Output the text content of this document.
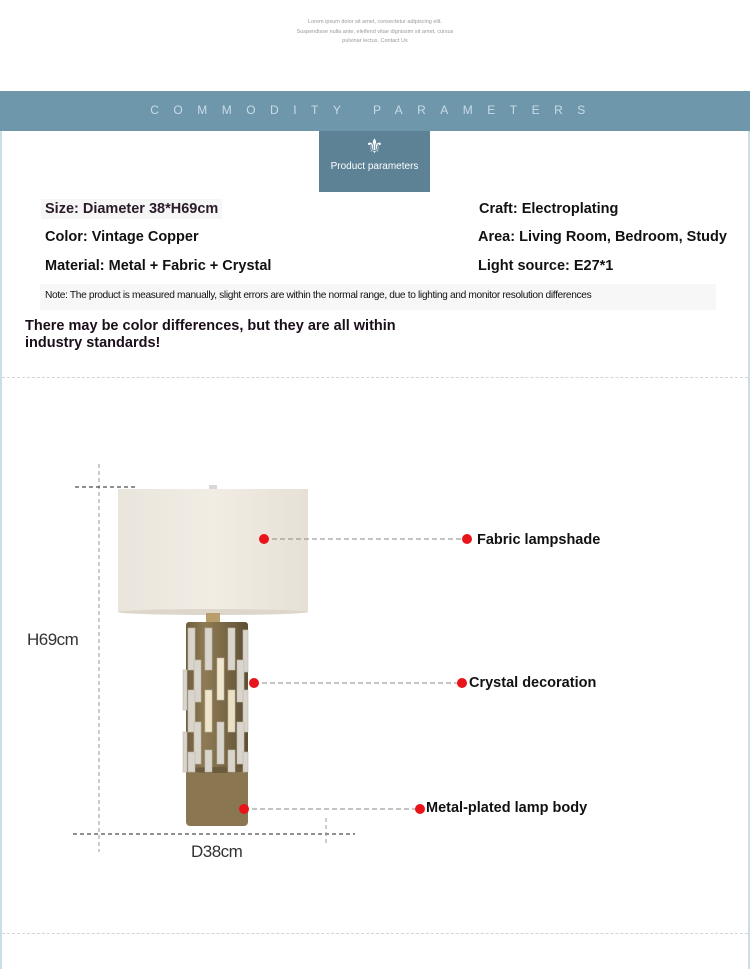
Lorem ipsum dolor sit amet, consectetur adipiscing elit.
Suspendisse nulla ante, eleifend vitae dignissim sit amet, cursus
pulvinar lectus. Contact Us
COMMODITY PARAMETERS
⚜
Product parameters
Size: Diameter 38*H69cm
Color: Vintage Copper
Material: Metal + Fabric + Crystal
Craft: Electroplating
Area: Living Room, Bedroom, Study
Light source: E27*1
Note: The product is measured manually, slight errors are within the normal range, due to lighting and monitor resolution differences
There may be color differences, but they are all within industry standards!
H69cm
D38cm
Fabric lampshade
Crystal decoration
Metal-plated lamp body
